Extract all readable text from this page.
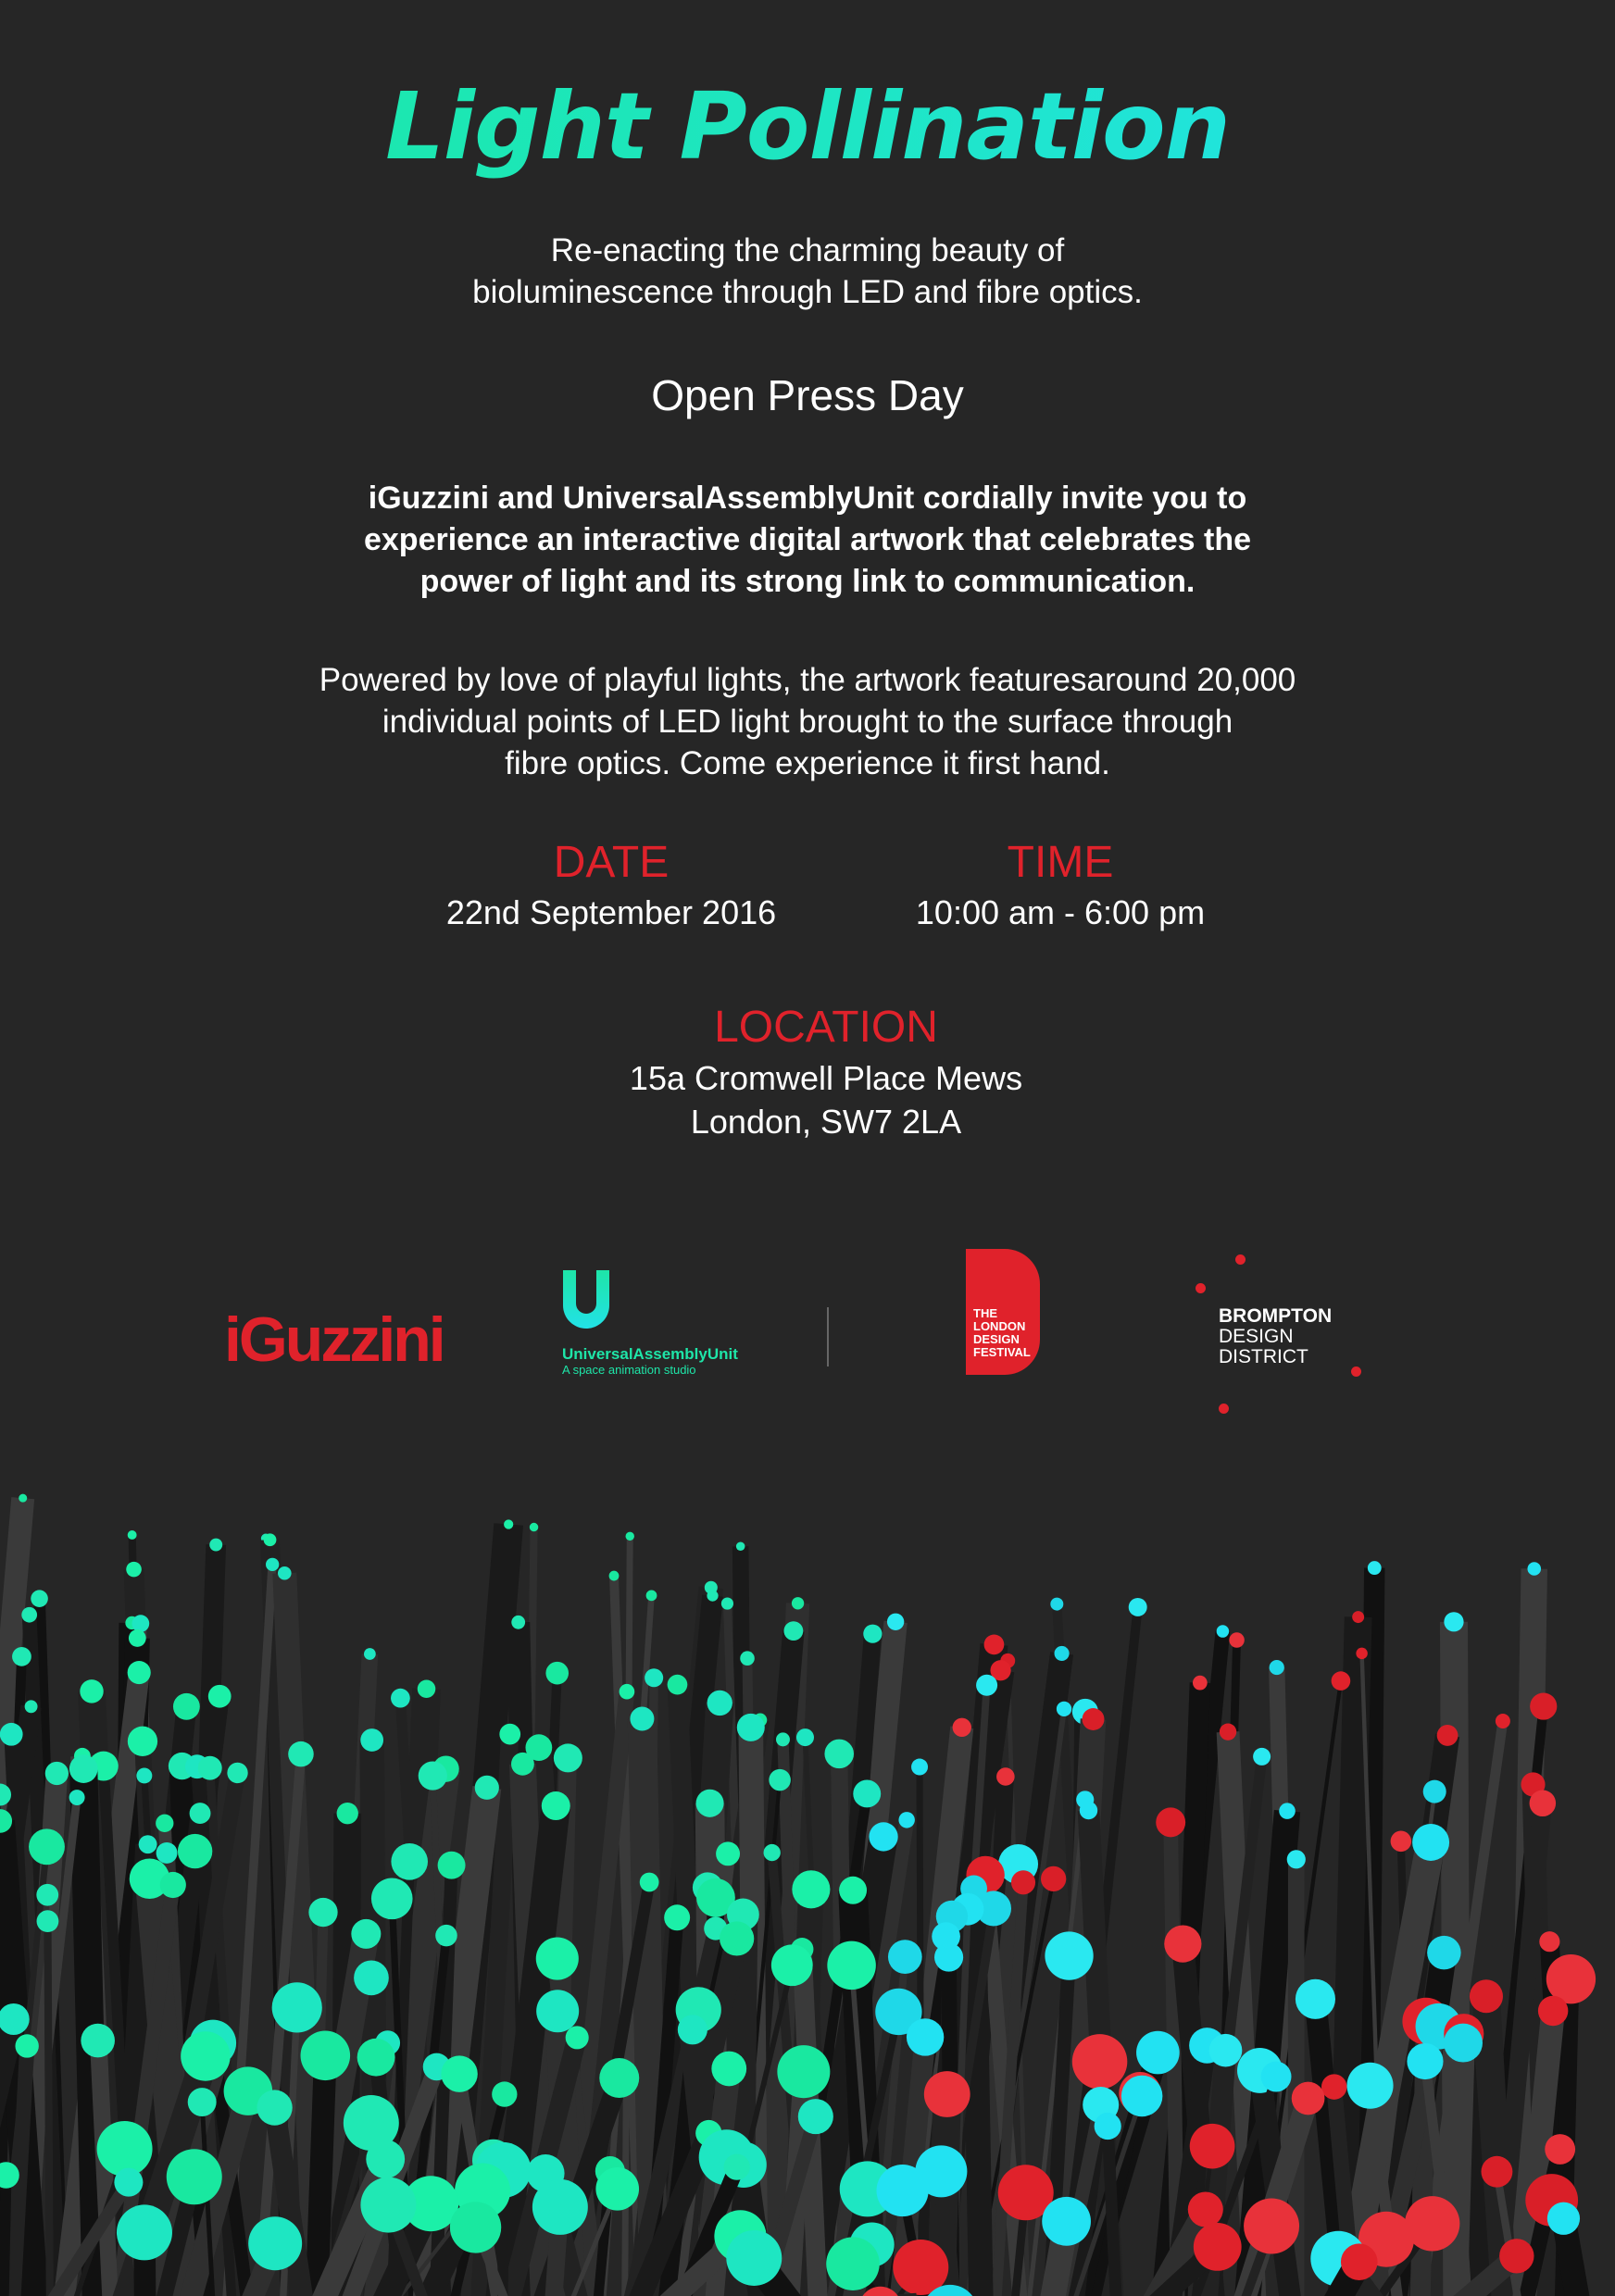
Light Pollination
Re-enacting the charming beauty of
bioluminescence through LED and fibre optics.
Open Press Day
iGuzzini and UniversalAssemblyUnit cordially invite you to
experience an interactive digital artwork that celebrates the
power of light and its strong link to communication.
Powered by love of playful lights, the artwork featuresaround 20,000
individual points of LED light brought to the surface through
fibre optics. Come experience it first hand.
DATE
22nd September 2016
TIME
10:00 am - 6:00 pm
LOCATION
15a Cromwell Place Mews
London, SW7 2LA
iGuzzini	UniversalAssemblyUnit
A space animation studio
THE
LONDON
DESIGN
FESTIVAL
BROMPTON
DESIGN
DISTRICT
